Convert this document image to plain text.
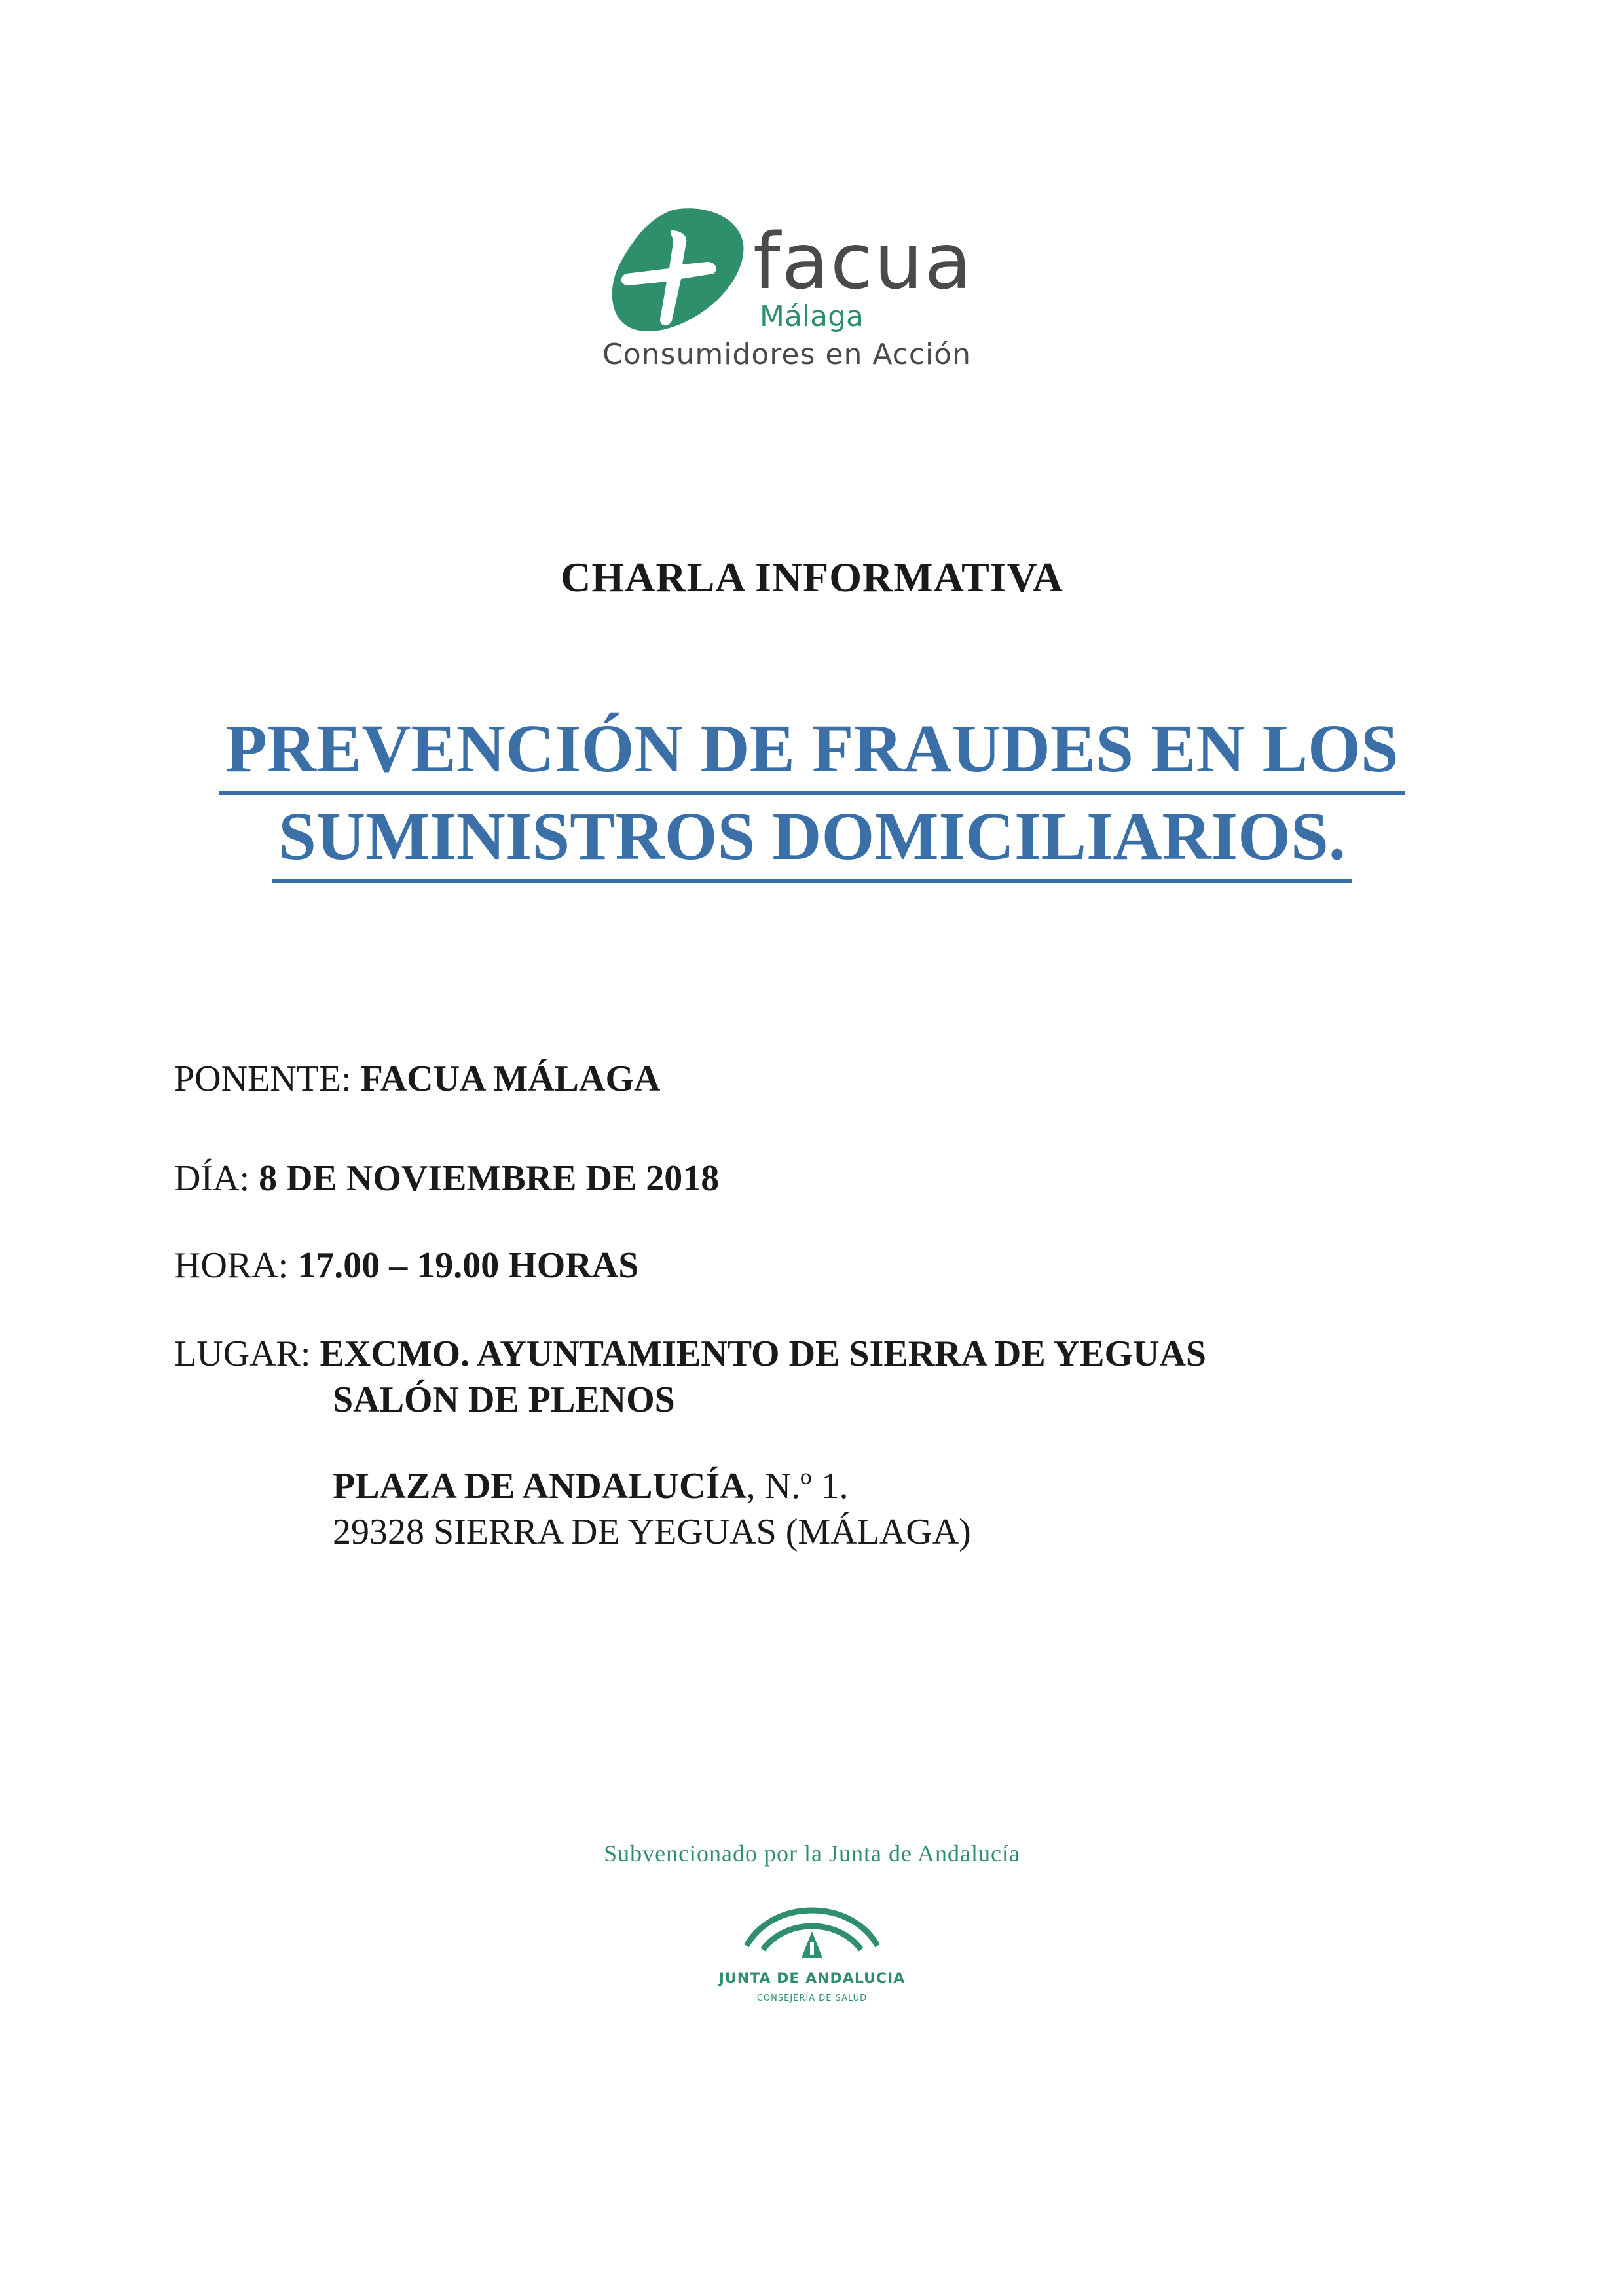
facua
Málaga
Consumidores en Acción
CHARLA INFORMATIVA
PREVENCIÓN DE FRAUDES EN LOS
SUMINISTROS DOMICILIARIOS.
PONENTE: FACUA MÁLAGA
DÍA: 8 DE NOVIEMBRE DE 2018
HORA: 17.00 – 19.00 HORAS
LUGAR: EXCMO. AYUNTAMIENTO DE SIERRA DE YEGUAS
SALÓN DE PLENOS
PLAZA DE ANDALUCÍA, N.º 1.
29328 SIERRA DE YEGUAS (MÁLAGA)
Subvencionado por la Junta de Andalucía
JUNTA DE ANDALUCIA
CONSEJERÍA DE SALUD
